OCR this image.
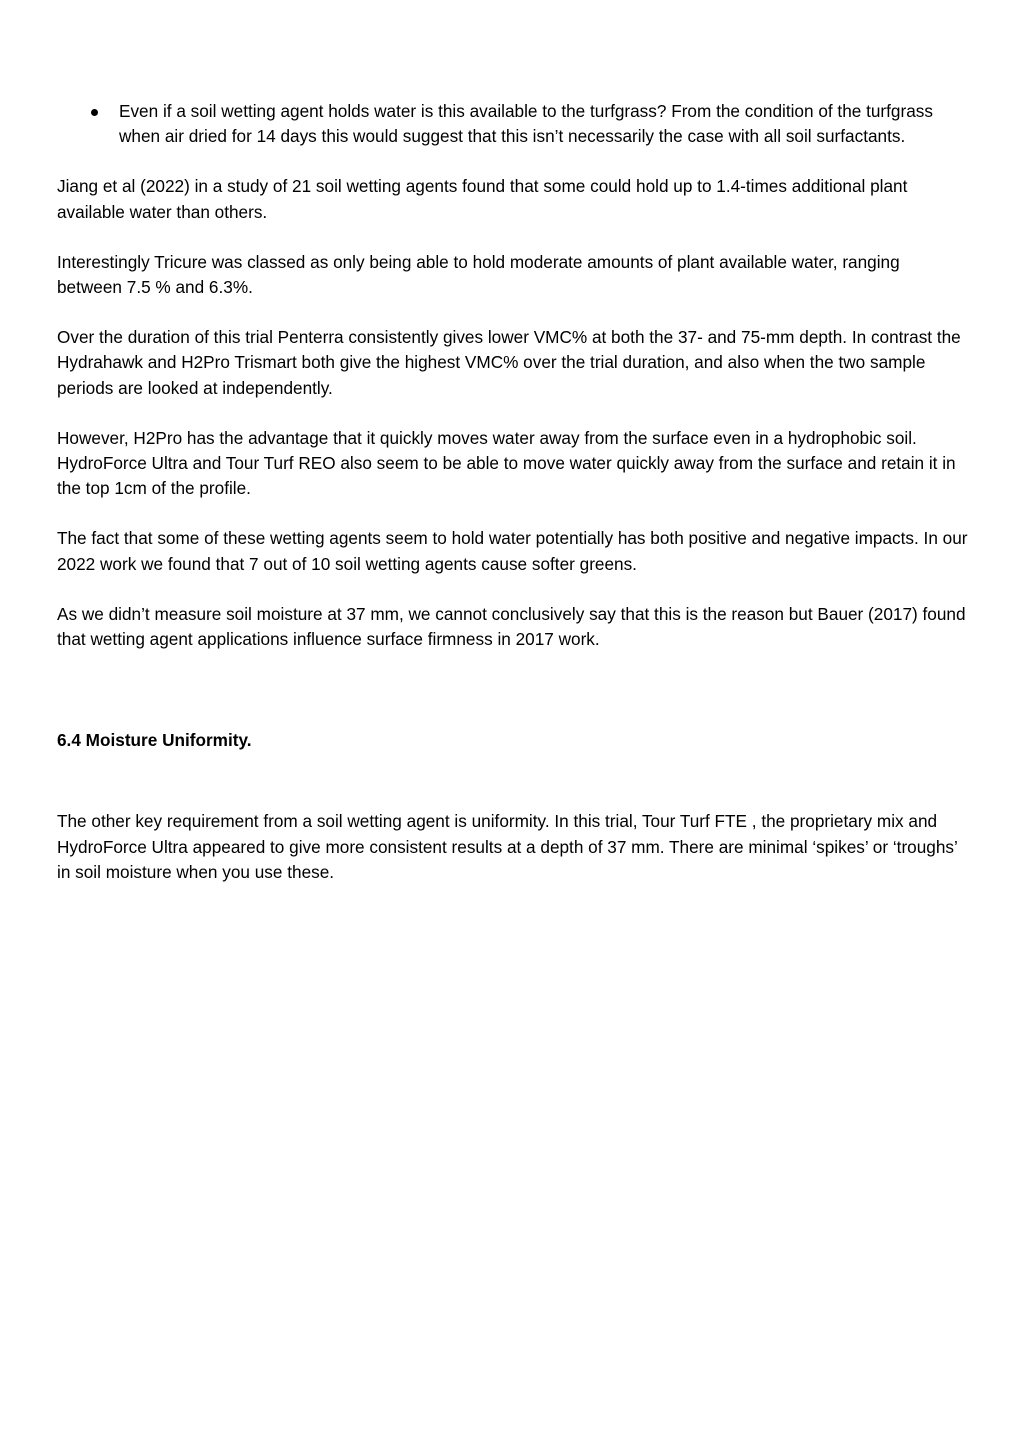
Even if a soil wetting agent holds water is this available to the turfgrass? From the condition of the turfgrass when air dried for 14 days this would suggest that this isn’t necessarily the case with all soil surfactants.

Jiang et al (2022) in a study of 21 soil wetting agents found that some could hold up to 1.4-times additional plant available water than others.

Interestingly Tricure was classed as only being able to hold moderate amounts of plant available water, ranging between 7.5 % and 6.3%.

Over the duration of this trial Penterra consistently gives lower VMC% at both the 37- and 75-mm depth. In contrast the Hydrahawk and H2Pro Trismart both give the highest VMC% over the trial duration, and also when the two sample periods are looked at independently.

However, H2Pro has the advantage that it quickly moves water away from the surface even in a hydrophobic soil. HydroForce Ultra and Tour Turf REO also seem to be able to move water quickly away from the surface and retain it in the top 1cm of the profile.

The fact that some of these wetting agents seem to hold water potentially has both positive and negative impacts. In our 2022 work we found that 7 out of 10 soil wetting agents cause softer greens.

As we didn’t measure soil moisture at 37 mm, we cannot conclusively say that this is the reason but Bauer (2017) found that wetting agent applications influence surface firmness in 2017 work.

6.4 Moisture Uniformity.

The other key requirement from a soil wetting agent is uniformity. In this trial, Tour Turf FTE , the proprietary mix and HydroForce Ultra appeared to give more consistent results at a depth of 37 mm. There are minimal ‘spikes’ or ‘troughs’ in soil moisture when you use these.
